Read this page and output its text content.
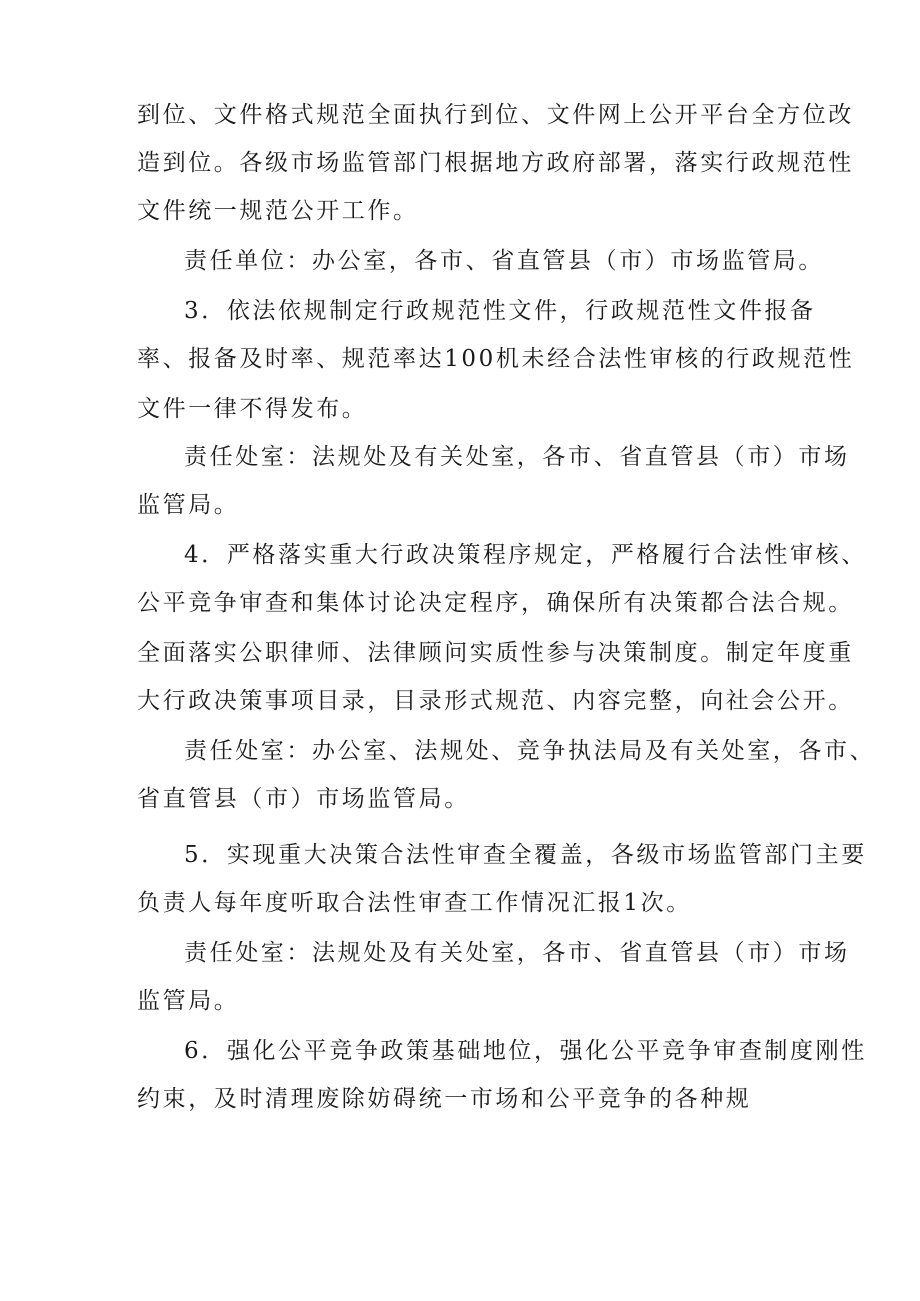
到位、文件格式规范全面执行到位、文件网上公开平台全方位改
造到位。各级市场监管部门根据地方政府部署，落实行政规范性
文件统一规范公开工作。
责任单位：办公室，各市、省直管县（市）市场监管局。
3．依法依规制定行政规范性文件，行政规范性文件报备
率、报备及时率、规范率达100机未经合法性审核的行政规范性
文件一律不得发布。
责任处室：法规处及有关处室，各市、省直管县（市）市场
监管局。
4．严格落实重大行政决策程序规定，严格履行合法性审核、
公平竞争审查和集体讨论决定程序，确保所有决策都合法合规。
全面落实公职律师、法律顾问实质性参与决策制度。制定年度重
大行政决策事项目录，目录形式规范、内容完整，向社会公开。
责任处室：办公室、法规处、竞争执法局及有关处室，各市、
省直管县（市）市场监管局。
5．实现重大决策合法性审查全覆盖，各级市场监管部门主要
负责人每年度听取合法性审查工作情况汇报1次。
责任处室：法规处及有关处室，各市、省直管县（市）市场
监管局。
6．强化公平竞争政策基础地位，强化公平竞争审查制度刚性
约束，及时清理废除妨碍统一市场和公平竞争的各种规
